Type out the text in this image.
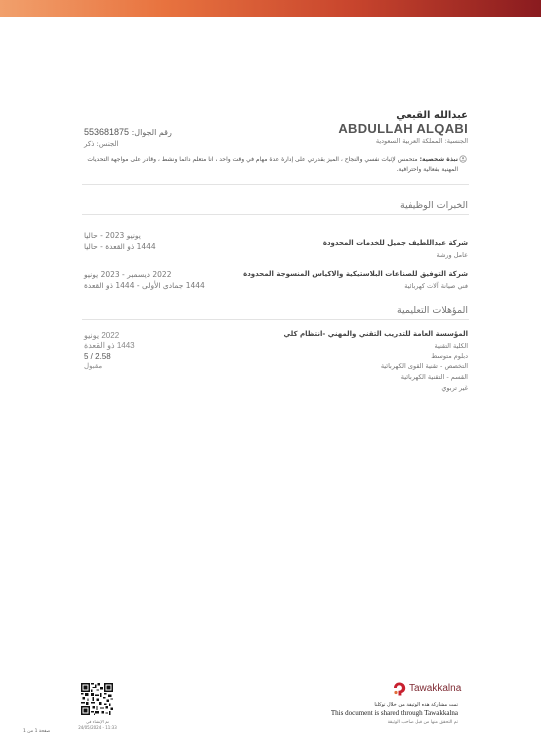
عبدالله القبعي
ABDULLAH ALQABI
الجنسية: المملكة العربية السعودية
رقم الجوال: 553681875
الجنس: ذكر
نبذة شخصية: متحمس لإثبات نفسي والنجاح ، الميز بقدرتي على إدارة عدة مهام في وقت واحد ، انا متعلم دائما ونشط ، وقادر على مواجهة التحديات المهنية بفعالية واحترافية.
الخبرات الوظيفية
شركة عبداللطيف جميل للخدمات المحدودة
عامل ورشة
يونيو 2023 - حاليا
1444 ذو القعدة - حاليا
شركة التوفيق للصناعات البلاستيكية والاكياس المنسوجة المحدودة
فني صيانة آلات كهربائية
2022 ديسمبر - 2023 يونيو
1444 جمادى الأولى - 1444 ذو القعدة
المؤهلات التعليمية
المؤسسة العامة للتدريب التقني والمهني -انتظام كلي
الكلية التقنية
دبلوم متوسط
التخصص - تقنية القوى الكهربائية
القسم - التقنية الكهربائية
غير تربوي
2022 يونيو
1443 ذو القعدة
5 / 2.58
مقبول
تم الإنشاء في
24/05/2024 - 11:33
صفحة 1 من 1
Tawakkalna
تمت مشاركة هذه الوثيقة من خلال توكلنا
This document is shared through Tawakkalna
تم التحقق منها من قبل صاحب الوثيقة
